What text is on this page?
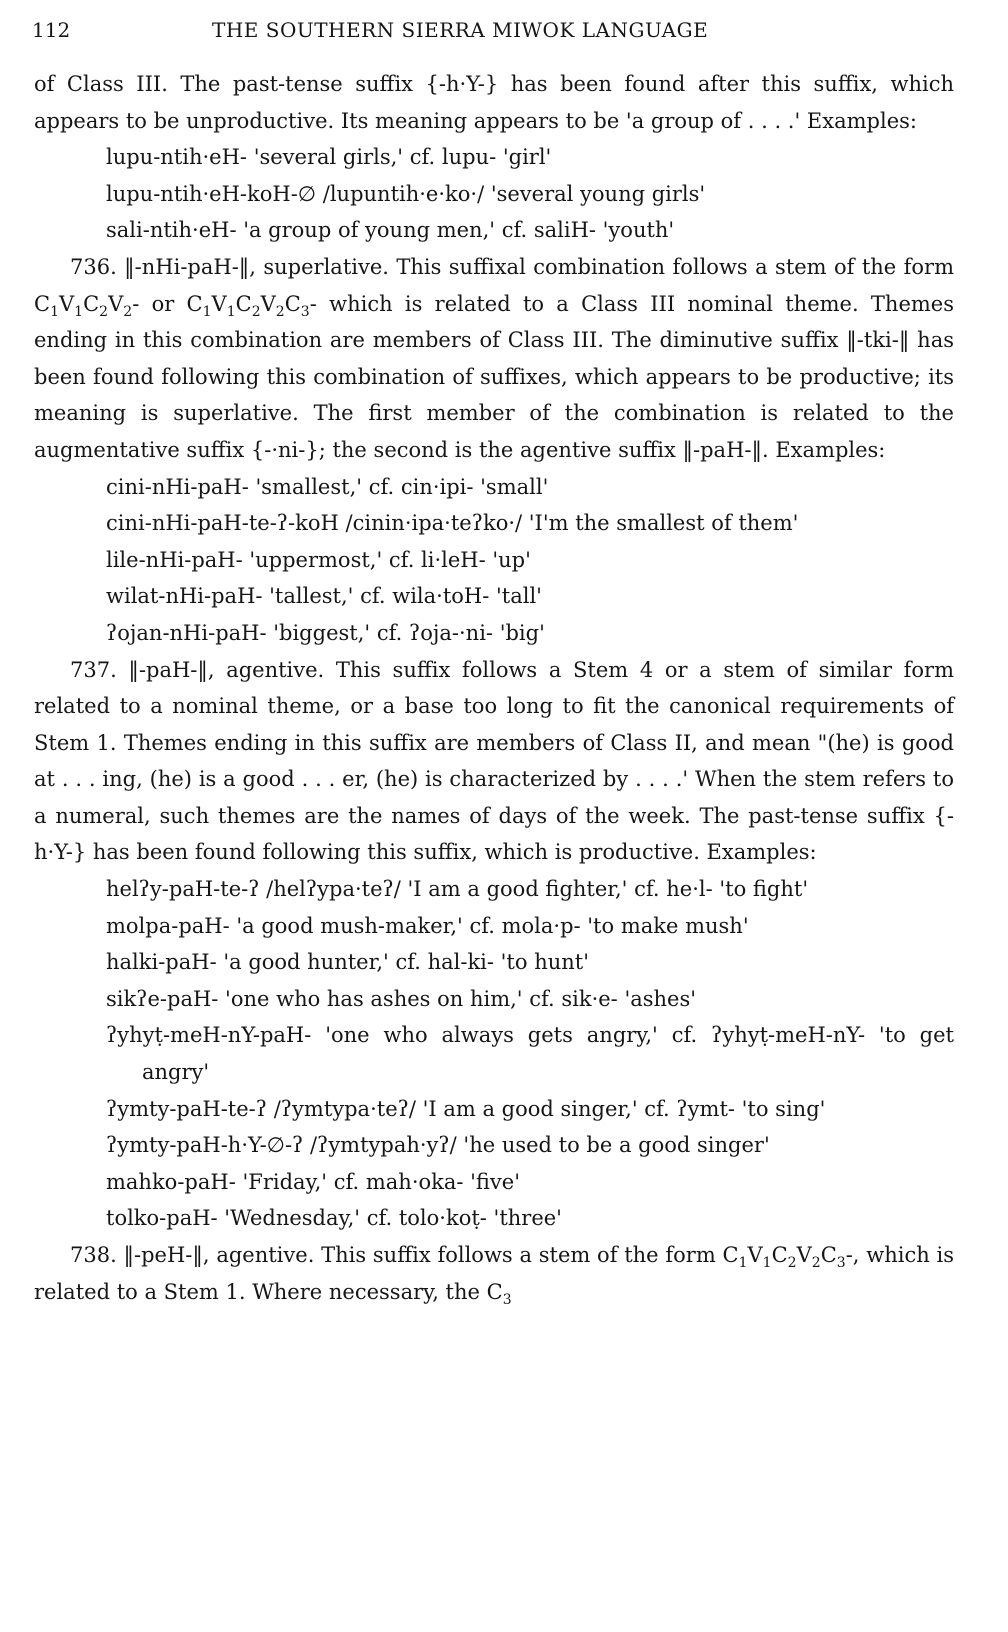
112	THE SOUTHERN SIERRA MIWOK LANGUAGE

of Class III. The past-tense suffix {-h·Y-} has been found after this suffix, which appears to be unproductive. Its meaning appears to be 'a group of . . . .' Examples:

lupu-ntih·eH- 'several girls,' cf. lupu- 'girl'

lupu-ntih·eH-koH-∅ /lupuntih·e·ko·/ 'several young girls'

sali-ntih·eH- 'a group of young men,' cf. saliH- 'youth'

736. ‖-nHi-paH-‖, superlative. This suffixal combination follows a stem of the form $C_1V_1C_2V_2-$ or $C_1V_1C_2V_2C_3-$ which is related to a Class III nominal theme. Themes ending in this combination are members of Class III. The diminutive suffix ‖-tki-‖ has been found following this combination of suffixes, which appears to be productive; its meaning is superlative. The first member of the combination is related to the augmentative suffix {-·ni-}; the second is the agentive suffix ‖-paH-‖. Examples:

cini-nHi-paH- 'smallest,' cf. cin·ipi- 'small'

cini-nHi-paH-te-ʔ-koH /cinin·ipa·teʔko·/ 'I'm the smallest of them'

lile-nHi-paH- 'uppermost,' cf. li·leH- 'up'

wilat-nHi-paH- 'tallest,' cf. wila·toH- 'tall'

ʔojan-nHi-paH- 'biggest,' cf. ʔoja-·ni- 'big'

737. ‖-paH-‖, agentive. This suffix follows a Stem 4 or a stem of similar form related to a nominal theme, or a base too long to fit the canonical requirements of Stem 1. Themes ending in this suffix are members of Class II, and mean "(he) is good at . . . ing, (he) is a good . . . er, (he) is characterized by . . . .' When the stem refers to a numeral, such themes are the names of days of the week. The past-tense suffix {-h·Y-} has been found following this suffix, which is productive. Examples:

helʔy-paH-te-ʔ /helʔypa·teʔ/ 'I am a good fighter,' cf. he·l- 'to fight'

molpa-paH- 'a good mush-maker,' cf. mola·p- 'to make mush'

halki-paH- 'a good hunter,' cf. hal-ki- 'to hunt'

sikʔe-paH- 'one who has ashes on him,' cf. sik·e- 'ashes'

ʔyhyṭ-meH-nY-paH- 'one who always gets angry,' cf. ʔyhyṭ-meH-nY- 'to get angry'

ʔymty-paH-te-ʔ /ʔymtypa·teʔ/ 'I am a good singer,' cf. ʔymt- 'to sing'

ʔymty-paH-h·Y-∅-ʔ /ʔymtypah·yʔ/ 'he used to be a good singer'

mahko-paH- 'Friday,' cf. mah·oka- 'five'

tolko-paH- 'Wednesday,' cf. tolo·koṭ- 'three'

738. ‖-peH-‖, agentive. This suffix follows a stem of the form $C_1V_1C_2V_2C_3-$, which is related to a Stem 1. Where necessary, the $C_3$
